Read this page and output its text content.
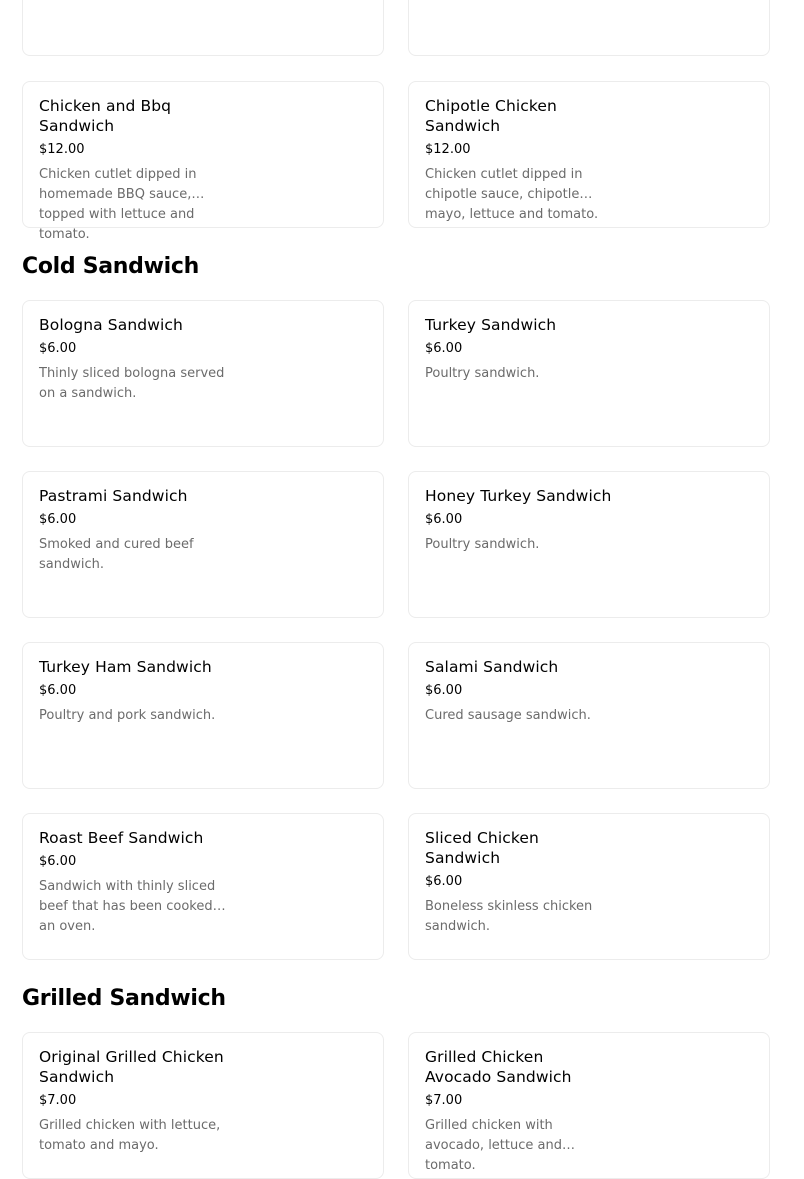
Chicken and Bbq Sandwich
$12.00
Chicken cutlet dipped in homemade BBQ sauce, topped with lettuce and tomato.
Chipotle Chicken Sandwich
$12.00
Chicken cutlet dipped in chipotle sauce, chipotle mayo, lettuce and tomato.
Cold Sandwich
Bologna Sandwich
$6.00
Thinly sliced bologna served on a sandwich.
Turkey Sandwich
$6.00
Poultry sandwich.
Pastrami Sandwich
$6.00
Smoked and cured beef sandwich.
Honey Turkey Sandwich
$6.00
Poultry sandwich.
Turkey Ham Sandwich
$6.00
Poultry and pork sandwich.
Salami Sandwich
$6.00
Cured sausage sandwich.
Roast Beef Sandwich
$6.00
Sandwich with thinly sliced beef that has been cooked in an oven.
Sliced Chicken Sandwich
$6.00
Boneless skinless chicken sandwich.
Grilled Sandwich
Original Grilled Chicken Sandwich
$7.00
Grilled chicken with lettuce, tomato and mayo.
Grilled Chicken Avocado Sandwich
$7.00
Grilled chicken with avocado, lettuce and tomato.
